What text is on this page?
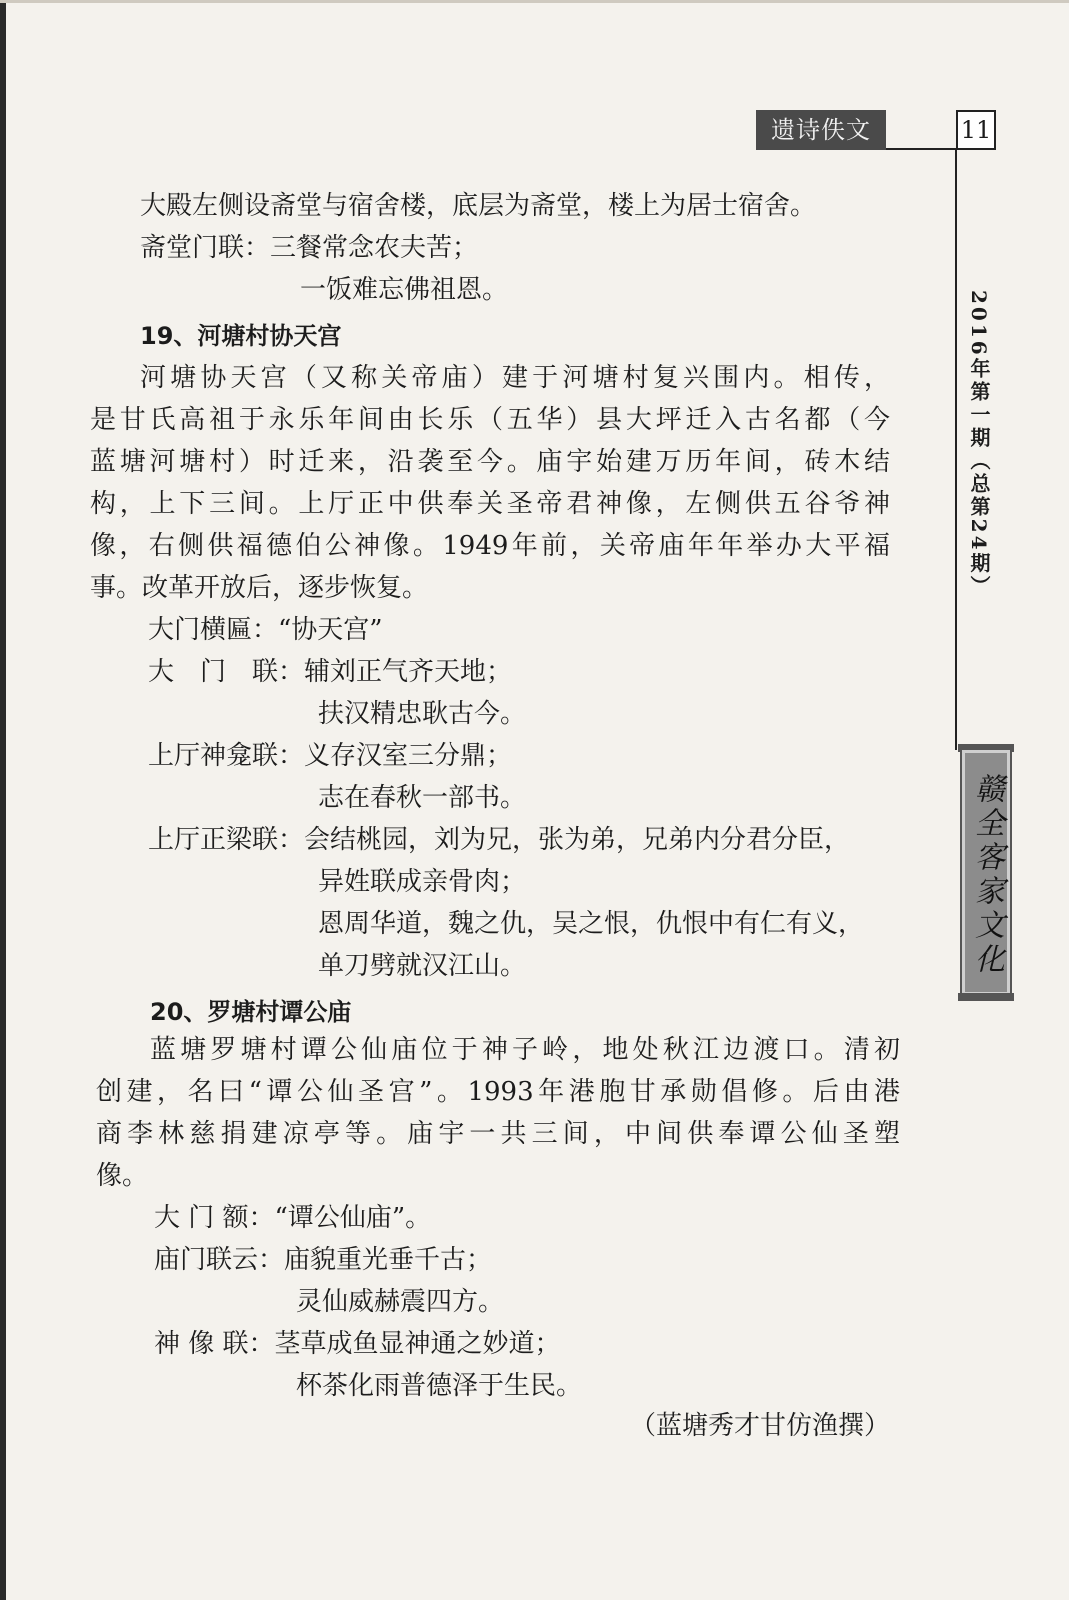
遗诗佚文	11
2016年第一期（总第24期）
赣全客家文化
大殿左侧设斋堂与宿舍楼，底层为斋堂，楼上为居士宿舍。
斋堂门联：三餐常念农夫苦；
一饭难忘佛祖恩。
19、河塘村协天宫
河塘协天宫（又称关帝庙）建于河塘村复兴围内。相传，
是甘氏高祖于永乐年间由长乐（五华）县大坪迁入古名都（今
蓝塘河塘村）时迁来，沿袭至今。庙宇始建万历年间，砖木结
构，上下三间。上厅正中供奉关圣帝君神像，左侧供五谷爷神
像，右侧供福德伯公神像。1949年前，关帝庙年年举办大平福
事。改革开放后，逐步恢复。
大门横匾：“协天宫”
大　门　联：辅刘正气齐天地；
扶汉精忠耿古今。
上厅神龛联：义存汉室三分鼎；
志在春秋一部书。
上厅正梁联：会结桃园，刘为兄，张为弟，兄弟内分君分臣，
异姓联成亲骨肉；
恩周华道，魏之仇，吴之恨，仇恨中有仁有义，
单刀劈就汉江山。
20、罗塘村谭公庙
蓝塘罗塘村谭公仙庙位于神子岭，地处秋江边渡口。清初
创建，名曰“谭公仙圣宫”。1993年港胞甘承勋倡修。后由港
商李林慈捐建凉亭等。庙宇一共三间，中间供奉谭公仙圣塑
像。
大 门 额：“谭公仙庙”。
庙门联云：庙貌重光垂千古；
灵仙威赫震四方。
神 像 联：茎草成鱼显神通之妙道；
杯茶化雨普德泽于生民。
（蓝塘秀才甘仿渔撰）
